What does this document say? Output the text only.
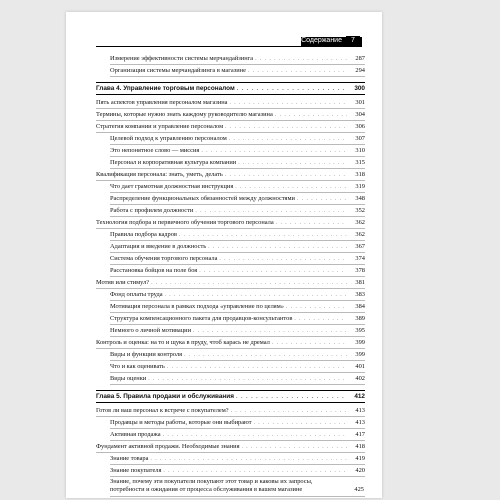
Содержание	7
Измерение эффективности системы мерчандайзинга . . .	287
Организация системы мерчандайзинга в магазине . . .	294
Глава 4. Управление торговым персоналом . . .	300
Пять аспектов управления персоналом магазина . . .	301
Термины, которые нужно знать каждому руководителю магазина . . .	304
Стратегия компании и управление персоналом . . .	306
Целевой подход к управлению персоналом . . .	307
Это непонятное слово — миссия . . .	310
Персонал и корпоративная культура компании . . .	315
Квалификация персонала: знать, уметь, делать . . .	318
Что дает грамотная должностная инструкция . . .	319
Распределение функциональных обязанностей между должностями . . .	348
Работа с профилем должности . . .	352
Технология подбора и первичного обучения торгового персонала . . .	362
Правила подбора кадров . . .	362
Адаптация и введение в должность . . .	367
Система обучения торгового персонала . . .	374
Расстановка бойцов на поле боя . . .	378
Мотив или стимул? . . .	381
Фонд оплаты труда . . .	383
Мотивация персонала в рамках подхода «управление по целям» . . .	384
Структура компенсационного пакета для продавцов-консультантов . . .	389
Немного о личной мотивации . . .	395
Контроль и оценка: на то и щука в пруду, чтоб карась не дремал . . .	399
Виды и функции контроля . . .	399
Что и как оценивать . . .	401
Виды оценки . . .	402
Глава 5. Правила продажи и обслуживания . . .	412
Готов ли ваш персонал к встрече с покупателем? . . .	413
Продавцы и методы работы, которые они выбирают . . .	413
Активная продажа . . .	417
Фундамент активной продажи. Необходимые знания . . .	418
Знание товара . . .	419
Знание покупателя . . .	420
Знание, почему эти покупатели покупают этот товар и каковы их запросы, потребности и ожидания от процесса обслуживания в вашем магазине	425
